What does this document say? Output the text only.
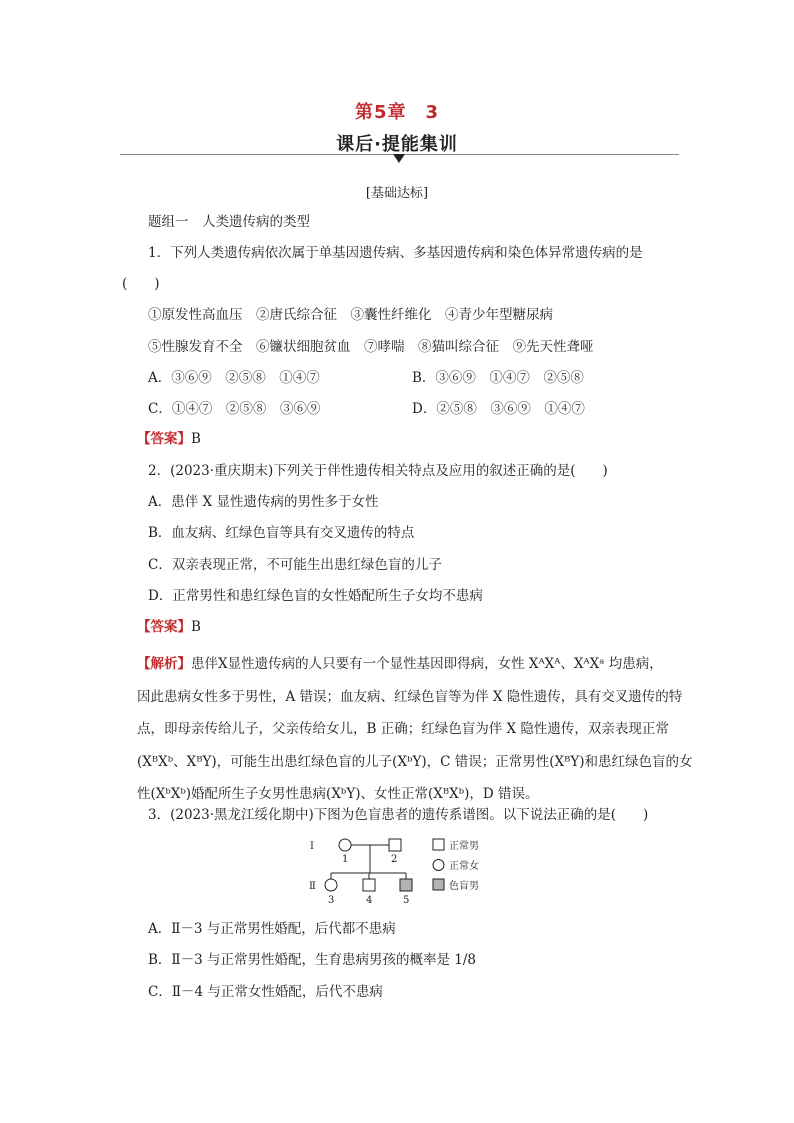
第5章　3
课后·提能集训
[基础达标]
题组一　人类遗传病的类型
1．下列人类遗传病依次属于单基因遗传病、多基因遗传病和染色体异常遗传病的是
(　　)
①原发性高血压　②唐氏综合征　③囊性纤维化　④青少年型糖尿病
⑤性腺发育不全　⑥镰状细胞贫血　⑦哮喘　⑧猫叫综合征　⑨先天性聋哑
A．③⑥⑨　②⑤⑧　①④⑦	B．③⑥⑨　①④⑦　②⑤⑧
C．①④⑦　②⑤⑧　③⑥⑨	D．②⑤⑧　③⑥⑨　①④⑦
【答案】B
2．(2023·重庆期末)下列关于伴性遗传相关特点及应用的叙述正确的是(　　)
A．患伴 X 显性遗传病的男性多于女性
B．血友病、红绿色盲等具有交叉遗传的特点
C．双亲表现正常，不可能生出患红绿色盲的儿子
D．正常男性和患红绿色盲的女性婚配所生子女均不患病
【答案】B

【解析】患伴X显性遗传病的人只要有一个显性基因即得病，女性 XᴬXᴬ、XᴬXᵃ 均患病，

因此患病女性多于男性，A 错误；血友病、红绿色盲等为伴 X 隐性遗传，具有交叉遗传的特

点，即母亲传给儿子，父亲传给女儿，B 正确；红绿色盲为伴 X 隐性遗传，双亲表现正常

(XᴮXᵇ、XᴮY)，可能生出患红绿色盲的儿子(XᵇY)，C 错误；正常男性(XᴮY)和患红绿色盲的女

性(XᵇXᵇ)婚配所生子女男性患病(XᵇY)、女性正常(XᴮXᵇ)，D 错误。

3．(2023·黑龙江绥化期中)下图为色盲患者的遗传系谱图。以下说法正确的是(　　)
Ⅰ
Ⅱ
1	2
3	4	5
正常男
正常女
色盲男
A．Ⅱ－3 与正常男性婚配，后代都不患病
B．Ⅱ－3 与正常男性婚配，生育患病男孩的概率是 1/8
C．Ⅱ－4 与正常女性婚配，后代不患病
